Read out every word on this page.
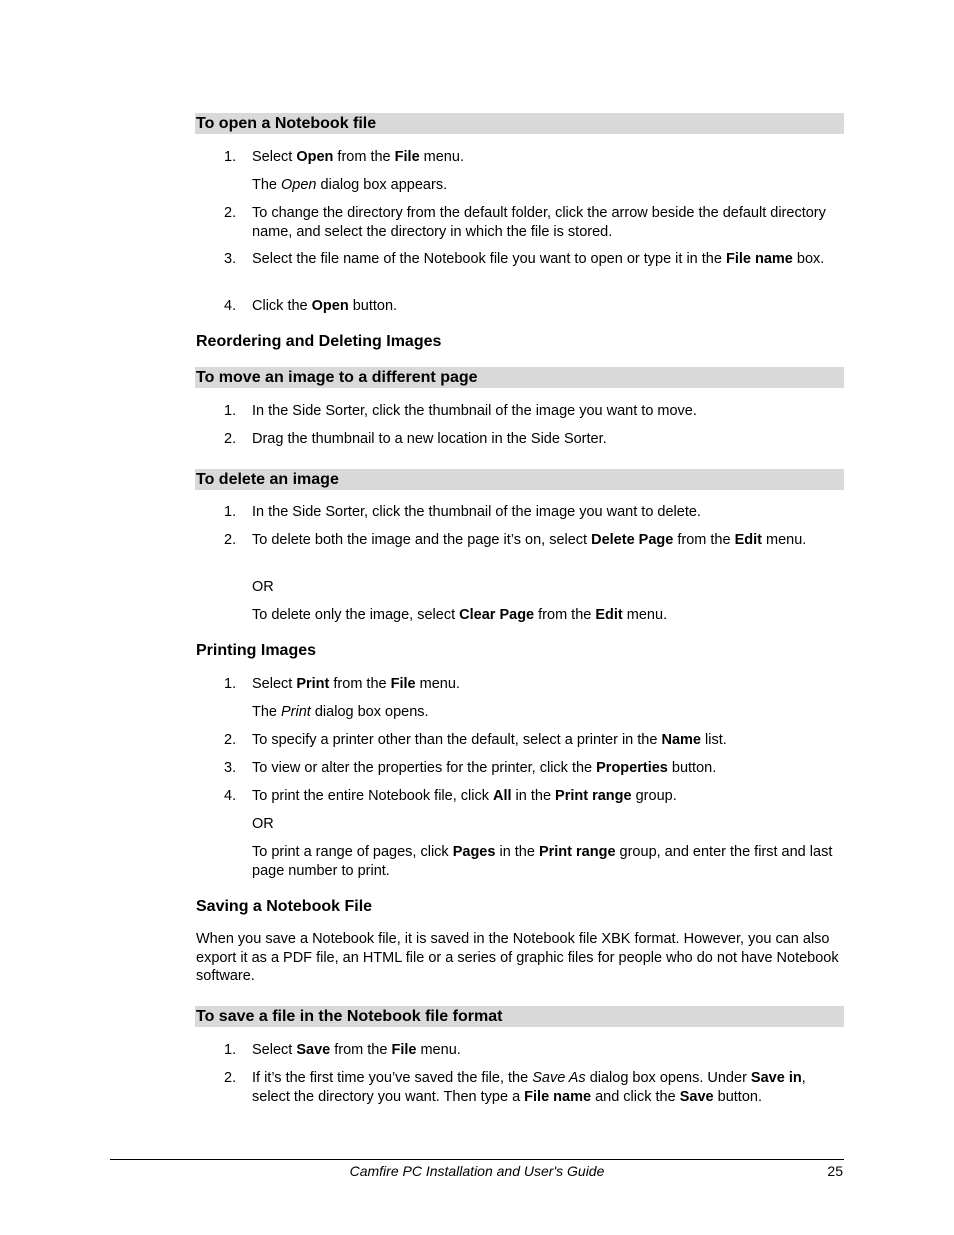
To open a Notebook file
1. Select Open from the File menu.
The Open dialog box appears.
2. To change the directory from the default folder, click the arrow beside the default directory name, and select the directory in which the file is stored.
3. Select the file name of the Notebook file you want to open or type it in the File name box.
4. Click the Open button.
Reordering and Deleting Images
To move an image to a different page
1. In the Side Sorter, click the thumbnail of the image you want to move.
2. Drag the thumbnail to a new location in the Side Sorter.
To delete an image
1. In the Side Sorter, click the thumbnail of the image you want to delete.
2. To delete both the image and the page it’s on, select Delete Page from the Edit menu.
OR
To delete only the image, select Clear Page from the Edit menu.
Printing Images
1. Select Print from the File menu.
The Print dialog box opens.
2. To specify a printer other than the default, select a printer in the Name list.
3. To view or alter the properties for the printer, click the Properties button.
4. To print the entire Notebook file, click All in the Print range group.
OR
To print a range of pages, click Pages in the Print range group, and enter the first and last page number to print.
Saving a Notebook File
When you save a Notebook file, it is saved in the Notebook file XBK format. However, you can also export it as a PDF file, an HTML file or a series of graphic files for people who do not have Notebook software.
To save a file in the Notebook file format
1. Select Save from the File menu.
2. If it’s the first time you’ve saved the file, the Save As dialog box opens. Under Save in, select the directory you want. Then type a File name and click the Save button.
Camfire PC Installation and User's Guide	25
